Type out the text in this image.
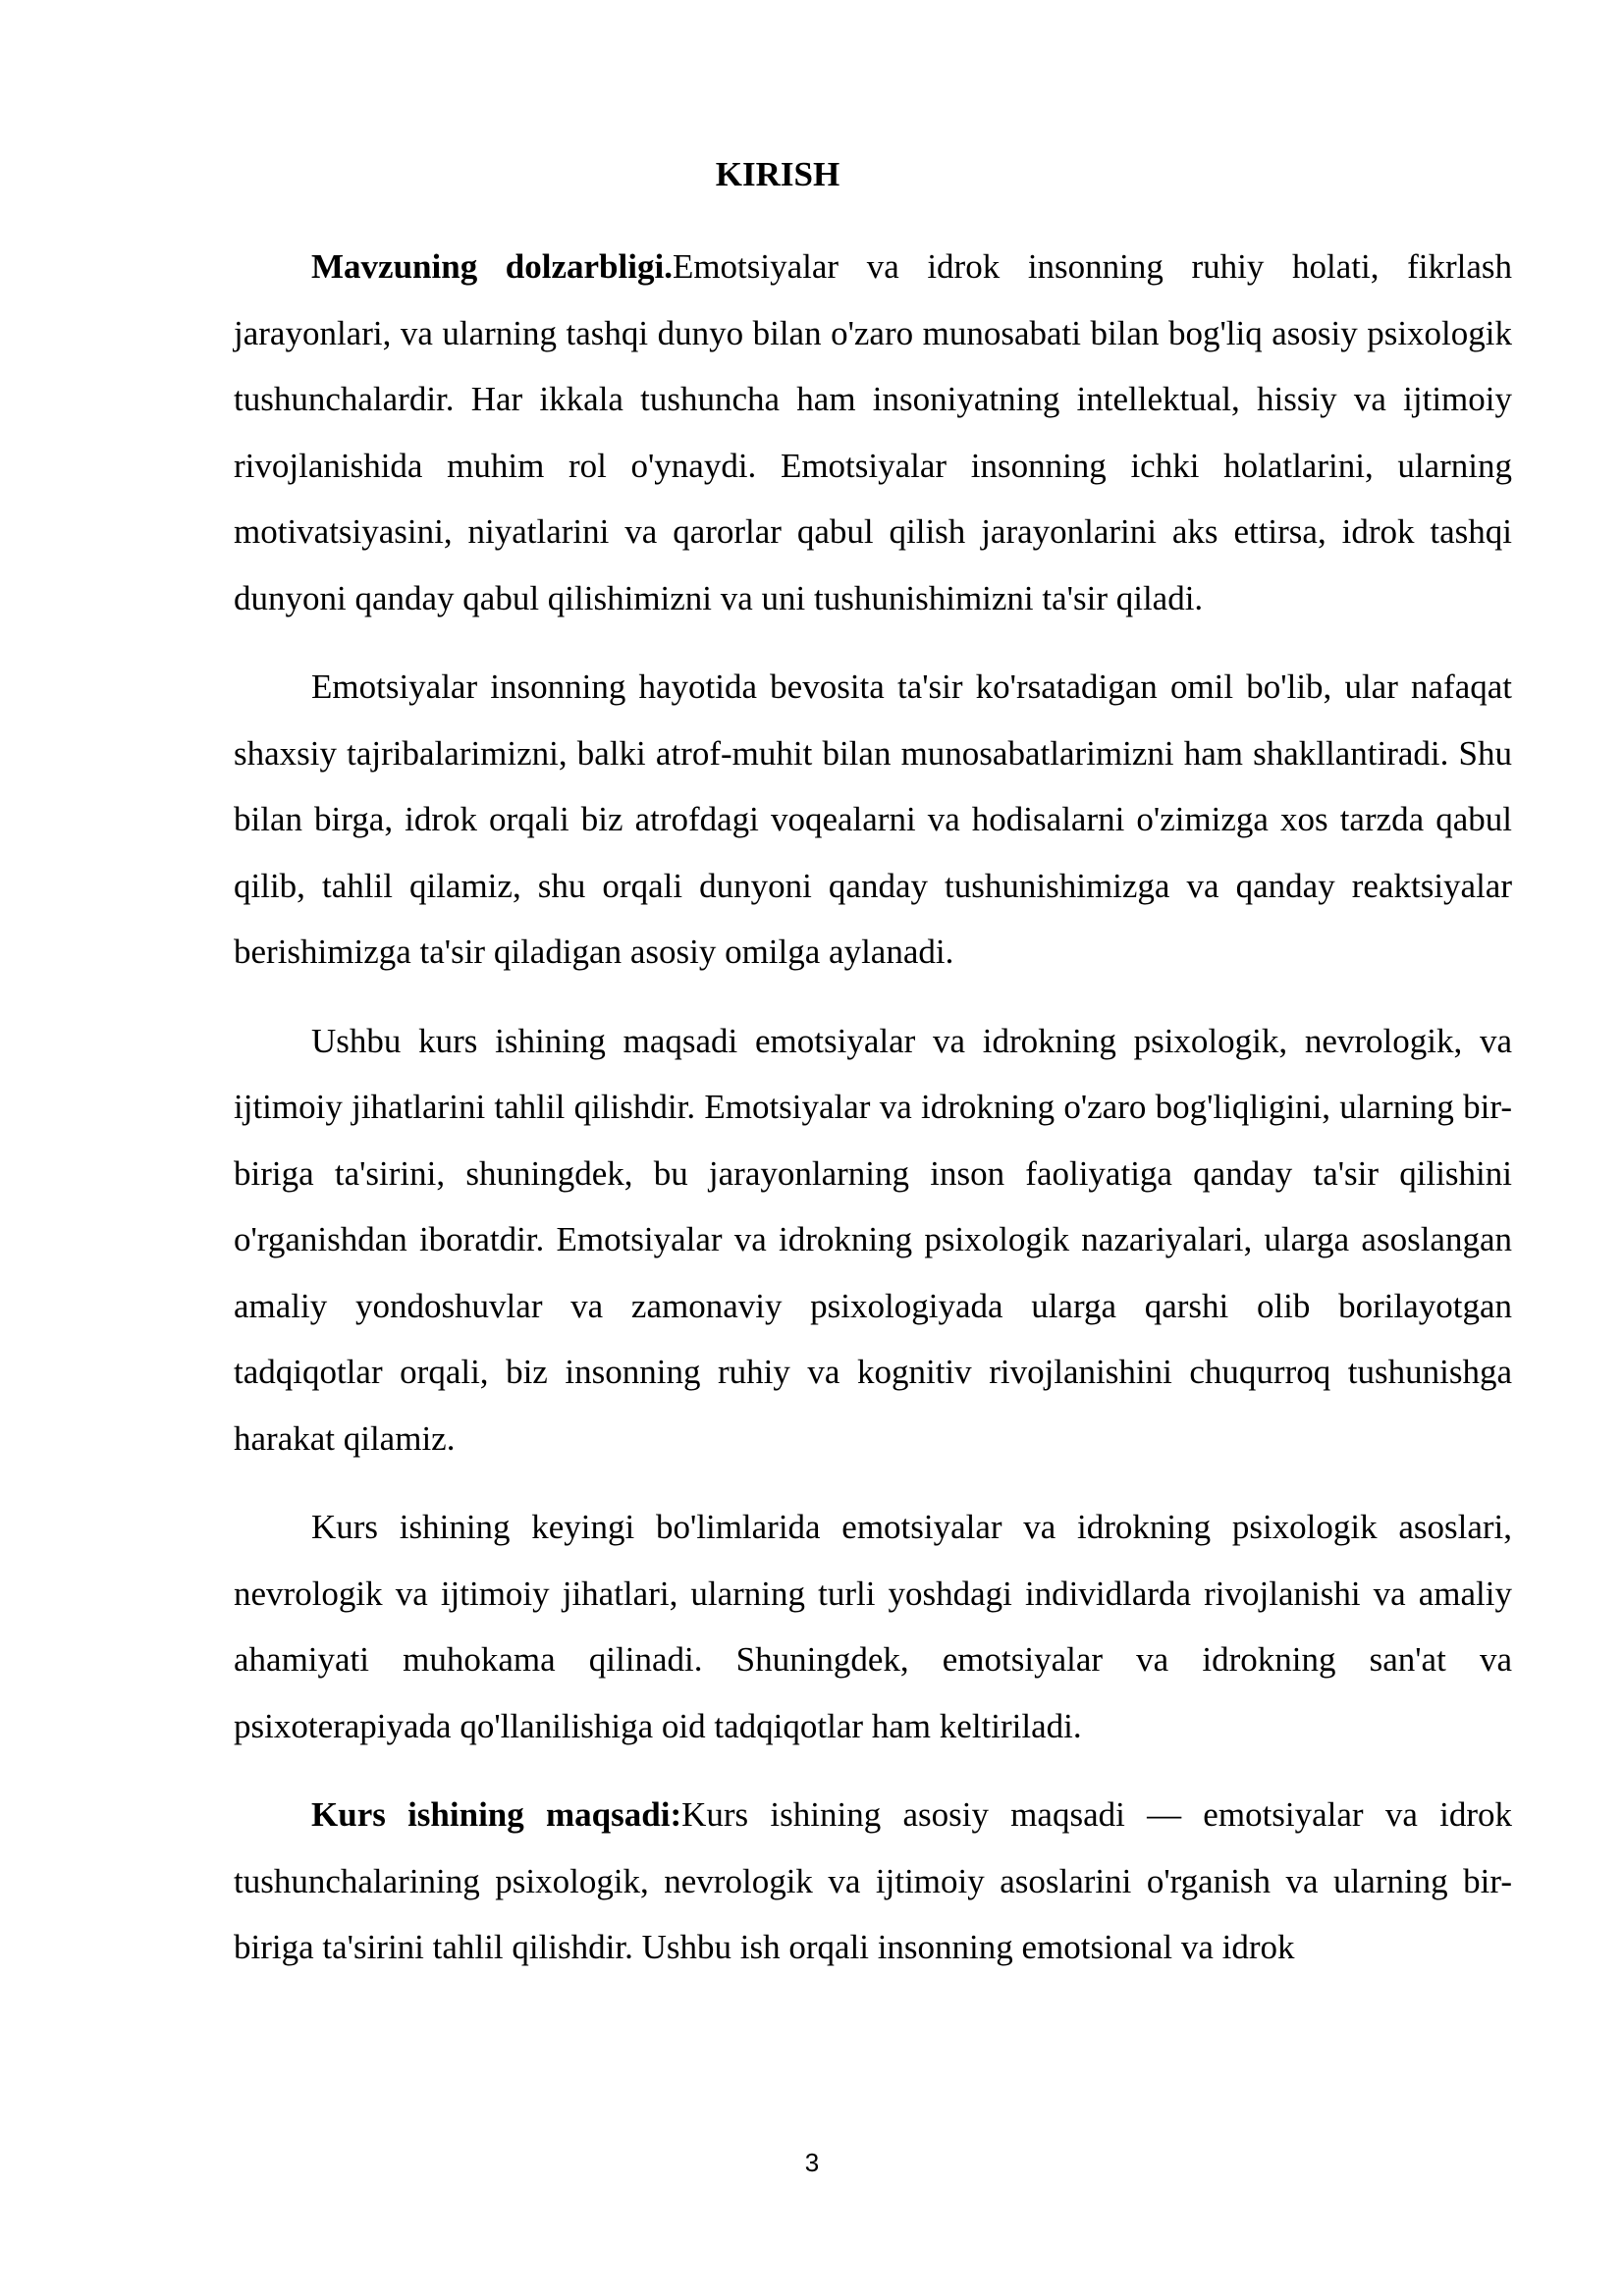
KIRISH

Mavzuning dolzarbligi.Emotsiyalar va idrok insonning ruhiy holati, fikrlash jarayonlari, va ularning tashqi dunyo bilan o'zaro munosabati bilan bog'liq asosiy psixologik tushunchalardir. Har ikkala tushuncha ham insoniyatning intellektual, hissiy va ijtimoiy rivojlanishida muhim rol o'ynaydi. Emotsiyalar insonning ichki holatlarini, ularning motivatsiyasini, niyatlarini va qarorlar qabul qilish jarayonlarini aks ettirsa, idrok tashqi dunyoni qanday qabul qilishimizni va uni tushunishimizni ta'sir qiladi.

Emotsiyalar insonning hayotida bevosita ta'sir ko'rsatadigan omil bo'lib, ular nafaqat shaxsiy tajribalarimizni, balki atrof-muhit bilan munosabatlarimizni ham shakllantiradi. Shu bilan birga, idrok orqali biz atrofdagi voqealarni va hodisalarni o'zimizga xos tarzda qabul qilib, tahlil qilamiz, shu orqali dunyoni qanday tushunishimizga va qanday reaktsiyalar berishimizga ta'sir qiladigan asosiy omilga aylanadi.

Ushbu kurs ishining maqsadi emotsiyalar va idrokning psixologik, nevrologik, va ijtimoiy jihatlarini tahlil qilishdir. Emotsiyalar va idrokning o'zaro bog'liqligini, ularning bir-biriga ta'sirini, shuningdek, bu jarayonlarning inson faoliyatiga qanday ta'sir qilishini o'rganishdan iboratdir. Emotsiyalar va idrokning psixologik nazariyalari, ularga asoslangan amaliy yondoshuvlar va zamonaviy psixologiyada ularga qarshi olib borilayotgan tadqiqotlar orqali, biz insonning ruhiy va kognitiv rivojlanishini chuqurroq tushunishga harakat qilamiz.

Kurs ishining keyingi bo'limlarida emotsiyalar va idrokning psixologik asoslari, nevrologik va ijtimoiy jihatlari, ularning turli yoshdagi individlarda rivojlanishi va amaliy ahamiyati muhokama qilinadi. Shuningdek, emotsiyalar va idrokning san'at va psixoterapiyada qo'llanilishiga oid tadqiqotlar ham keltiriladi.

Kurs ishining maqsadi:Kurs ishining asosiy maqsadi — emotsiyalar va idrok tushunchalarining psixologik, nevrologik va ijtimoiy asoslarini o'rganish va ularning bir-biriga ta'sirini tahlil qilishdir. Ushbu ish orqali insonning emotsional va idrok

3
